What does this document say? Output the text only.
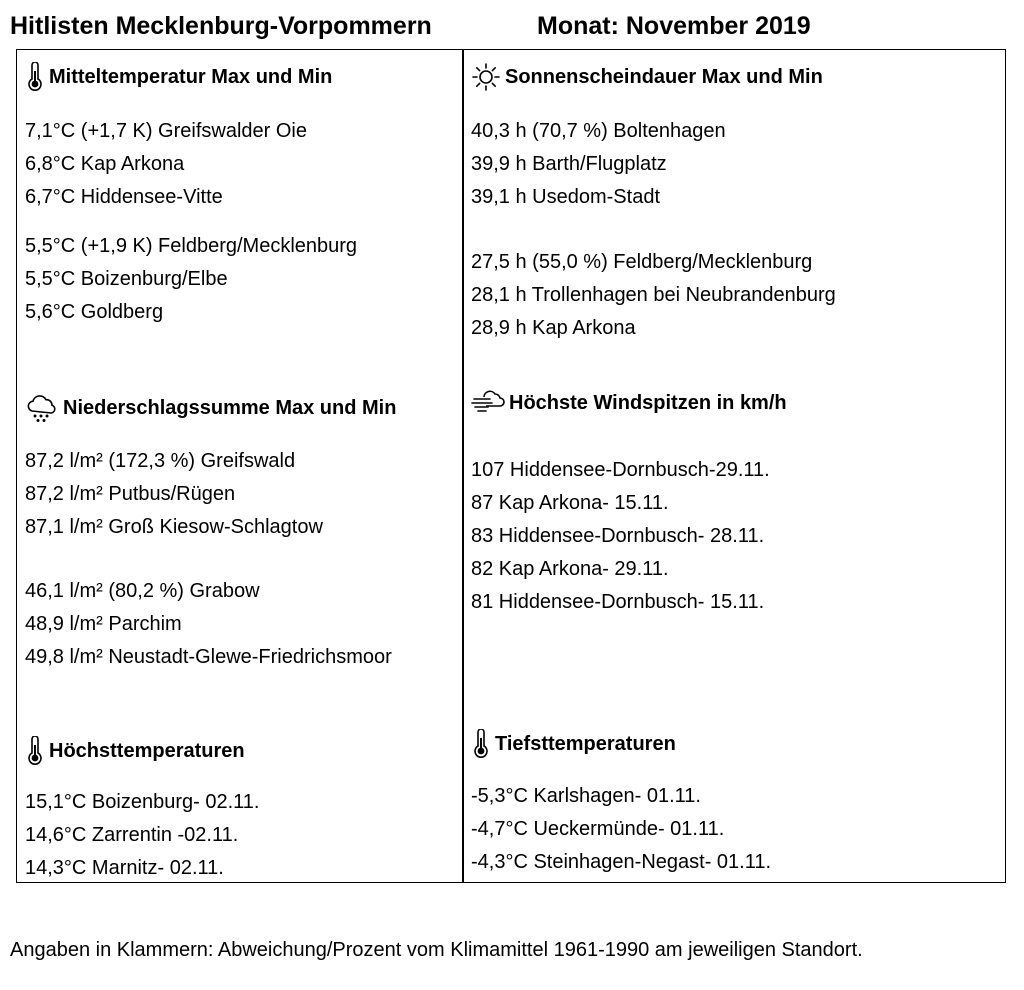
Hitlisten Mecklenburg-Vorpommern	Monat: November 2019
Mitteltemperatur Max und Min
7,1°C (+1,7 K) Greifswalder Oie
6,8°C Kap Arkona
6,7°C Hiddensee-Vitte
5,5°C (+1,9 K) Feldberg/Mecklenburg
5,5°C Boizenburg/Elbe
5,6°C Goldberg
Sonnenscheindauer Max und Min
40,3 h (70,7 %) Boltenhagen
39,9 h Barth/Flugplatz
39,1 h Usedom-Stadt
27,5 h (55,0 %) Feldberg/Mecklenburg
28,1 h Trollenhagen bei Neubrandenburg
28,9 h Kap Arkona
Niederschlagssumme Max und Min
87,2 l/m² (172,3 %) Greifswald
87,2 l/m² Putbus/Rügen
87,1 l/m² Groß Kiesow-Schlagtow
46,1 l/m² (80,2 %) Grabow
48,9 l/m² Parchim
49,8 l/m² Neustadt-Glewe-Friedrichsmoor
Höchste Windspitzen in km/h
107 Hiddensee-Dornbusch-29.11.
87 Kap Arkona- 15.11.
83 Hiddensee-Dornbusch- 28.11.
82 Kap Arkona- 29.11.
81 Hiddensee-Dornbusch- 15.11.
Höchsttemperaturen
15,1°C Boizenburg- 02.11.
14,6°C Zarrentin -02.11.
14,3°C Marnitz- 02.11.
Tiefsttemperaturen
-5,3°C Karlshagen- 01.11.
-4,7°C Ueckermünde- 01.11.
-4,3°C Steinhagen-Negast- 01.11.
Angaben in Klammern: Abweichung/Prozent vom Klimamittel 1961-1990 am jeweiligen Standort.
